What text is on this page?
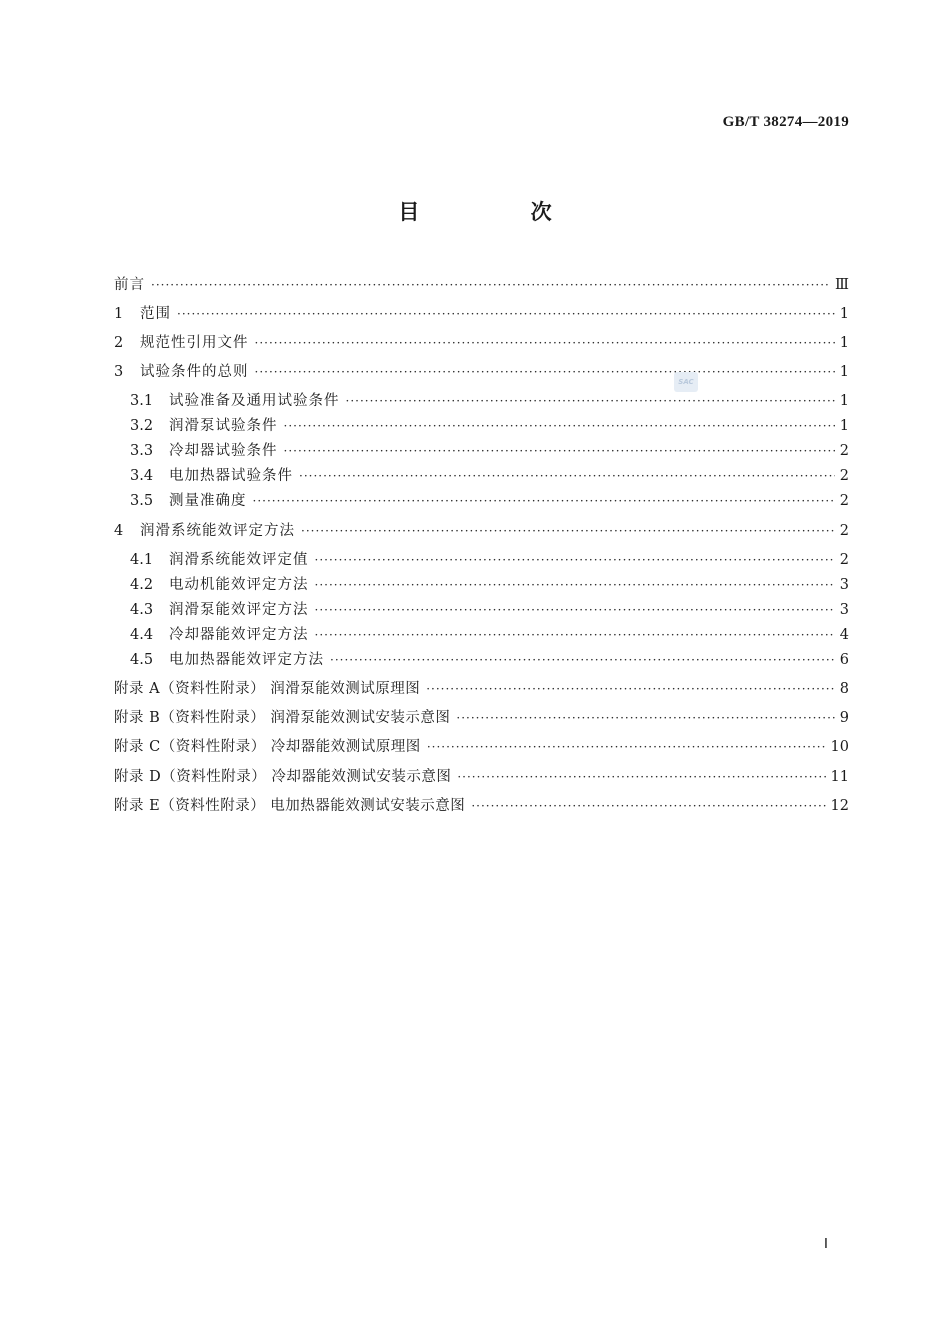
GB/T 38274—2019
目 次
前言 ·····	Ⅲ
1	范围 ·····	1
2	规范性引用文件 ·····	1
3	试验条件的总则 ·····	1
3.1	试验准备及通用试验条件 ·····	1
3.2	润滑泵试验条件 ·····	1
3.3	冷却器试验条件 ·····	2
3.4	电加热器试验条件 ·····	2
3.5	测量准确度 ·····	2
4	润滑系统能效评定方法 ·····	2
4.1	润滑系统能效评定值 ·····	2
4.2	电动机能效评定方法 ·····	3
4.3	润滑泵能效评定方法 ·····	3
4.4	冷却器能效评定方法 ·····	4
4.5	电加热器能效评定方法 ·····	6
附录 A（资料性附录） 润滑泵能效测试原理图 ·····	8
附录 B（资料性附录） 润滑泵能效测试安装示意图 ·····	9
附录 C（资料性附录） 冷却器能效测试原理图 ·····	10
附录 D（资料性附录） 冷却器能效测试安装示意图 ·····	11
附录 E（资料性附录） 电加热器能效测试安装示意图 ·····	12
SAC
Ⅰ
